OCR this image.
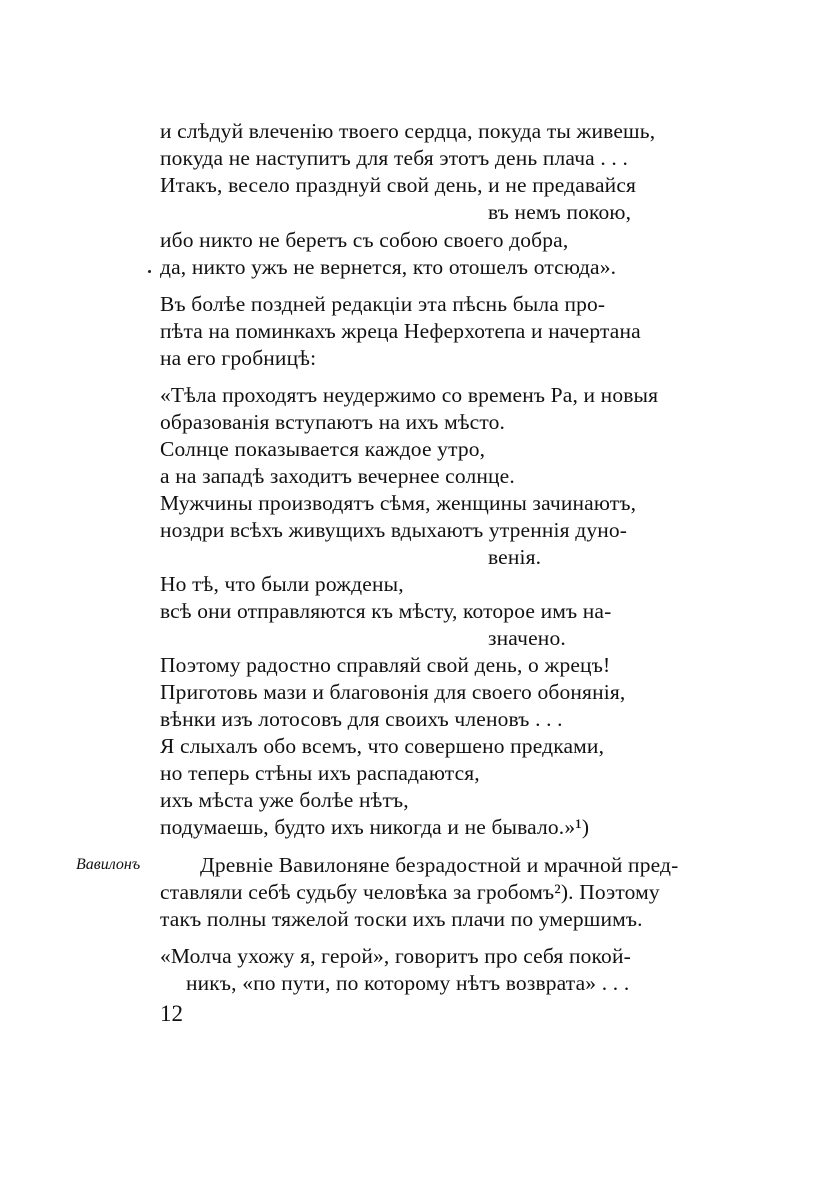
и слѣдуй влеченію твоего сердца, покуда ты живешь,
покуда не наступитъ для тебя этотъ день плача . . .
Итакъ, весело празднуй свой день, и не предавайся
въ немъ покою,
ибо никто не беретъ съ собою своего добра,
да, никто ужъ не вернется, кто отошелъ отсюда».
Въ болѣе поздней редакціи эта пѣснь была про-
пѣта на поминкахъ жреца Неферхотепа и начертана
на его гробницѣ:
«Тѣла проходятъ неудержимо со временъ Ра, и новыя
образованія вступаютъ на ихъ мѣсто.
Солнце показывается каждое утро,
а на западѣ заходитъ вечернее солнце.
Мужчины производятъ сѣмя, женщины зачинаютъ,
ноздри всѣхъ живущихъ вдыхаютъ утреннія дуно-
венія.
Но тѣ, что были рождены,
всѣ они отправляются къ мѣсту, которое имъ на-
значено.
Поэтому радостно справляй свой день, о жрецъ!
Приготовь мази и благовонія для своего обонянія,
вѣнки изъ лотосовъ для своихъ членовъ . . .
Я слыхалъ обо всемъ, что совершено предками,
но теперь стѣны ихъ распадаются,
ихъ мѣста уже болѣе нѣтъ,
подумаешь, будто ихъ никогда и не бывало.»¹)
Вавилонъ	Древніе Вавилоняне безрадостной и мрачной пред-
ставляли себѣ судьбу человѣка за гробомъ²). Поэтому
такъ полны тяжелой тоски ихъ плачи по умершимъ.
«Молча ухожу я, герой», говоритъ про себя покой-
никъ, «по пути, по которому нѣтъ возврата» . . .
12
